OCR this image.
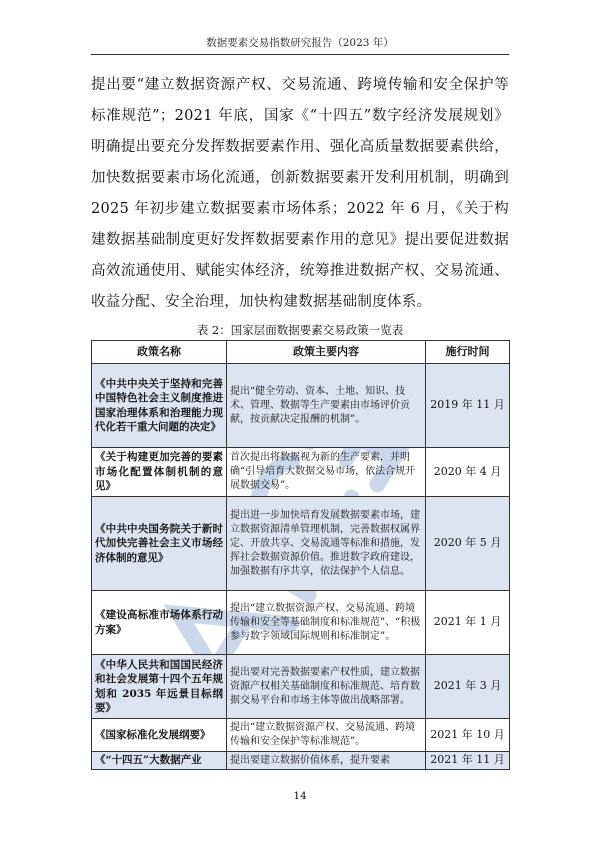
数据要素交易指数研究报告（2023 年）

提出要“建立数据资源产权、交易流通、跨境传输和安全保护等标准规范”；2021 年底，国家《“十四五”数字经济发展规划》明确提出要充分发挥数据要素作用、强化高质量数据要素供给，加快数据要素市场化流通，创新数据要素开发利用机制，明确到 2025 年初步建立数据要素市场体系；2022 年 6 月，《关于构建数据基础制度更好发挥数据要素作用的意见》提出要促进数据高效流通使用、赋能实体经济，统筹推进数据产权、交易流通、收益分配、安全治理，加快构建数据基础制度体系。

表 2：国家层面数据要素交易政策一览表
政策名称	政策主要内容	施行时间
《中共中央关于坚持和完善中国特色社会主义制度推进国家治理体系和治理能力现代化若干重大问题的决定》	提出“健全劳动、资本、土地、知识、技术、管理、数据等生产要素由市场评价贡献，按贡献决定报酬的机制”。	2019 年 11 月
《关于构建更加完善的要素市场化配置体制机制的意见》	首次提出将数据视为新的生产要素，并明确“引导培育大数据交易市场，依法合规开展数据交易”。	2020 年 4 月
《中共中央国务院关于新时代加快完善社会主义市场经济体制的意见》	提出进一步加快培育发展数据要素市场，建立数据资源清单管理机制，完善数据权属界定、开放共享、交易流通等标准和措施，发挥社会数据资源价值。推进数字政府建设，加强数据有序共享，依法保护个人信息。	2020 年 5 月
《建设高标准市场体系行动方案》	提出“建立数据资源产权、交易流通、跨境传输和安全等基础制度和标准规范”、“积极参与数字领域国际规则和标准制定”。	2021 年 1 月
《中华人民共和国国民经济和社会发展第十四个五年规划和 2035 年远景目标纲要》	提出要对完善数据要素产权性质，建立数据资源产权相关基础制度和标准规范、培育数据交易平台和市场主体等做出战略部署。	2021 年 3 月
《国家标准化发展纲要》	提出“建立数据资源产权、交易流通、跨境传输和安全保护等标准规范”。	2021 年 10 月
《“十四五”大数据产业	提出要建立数据价值体系，提升要素	2021 年 11 月
14
